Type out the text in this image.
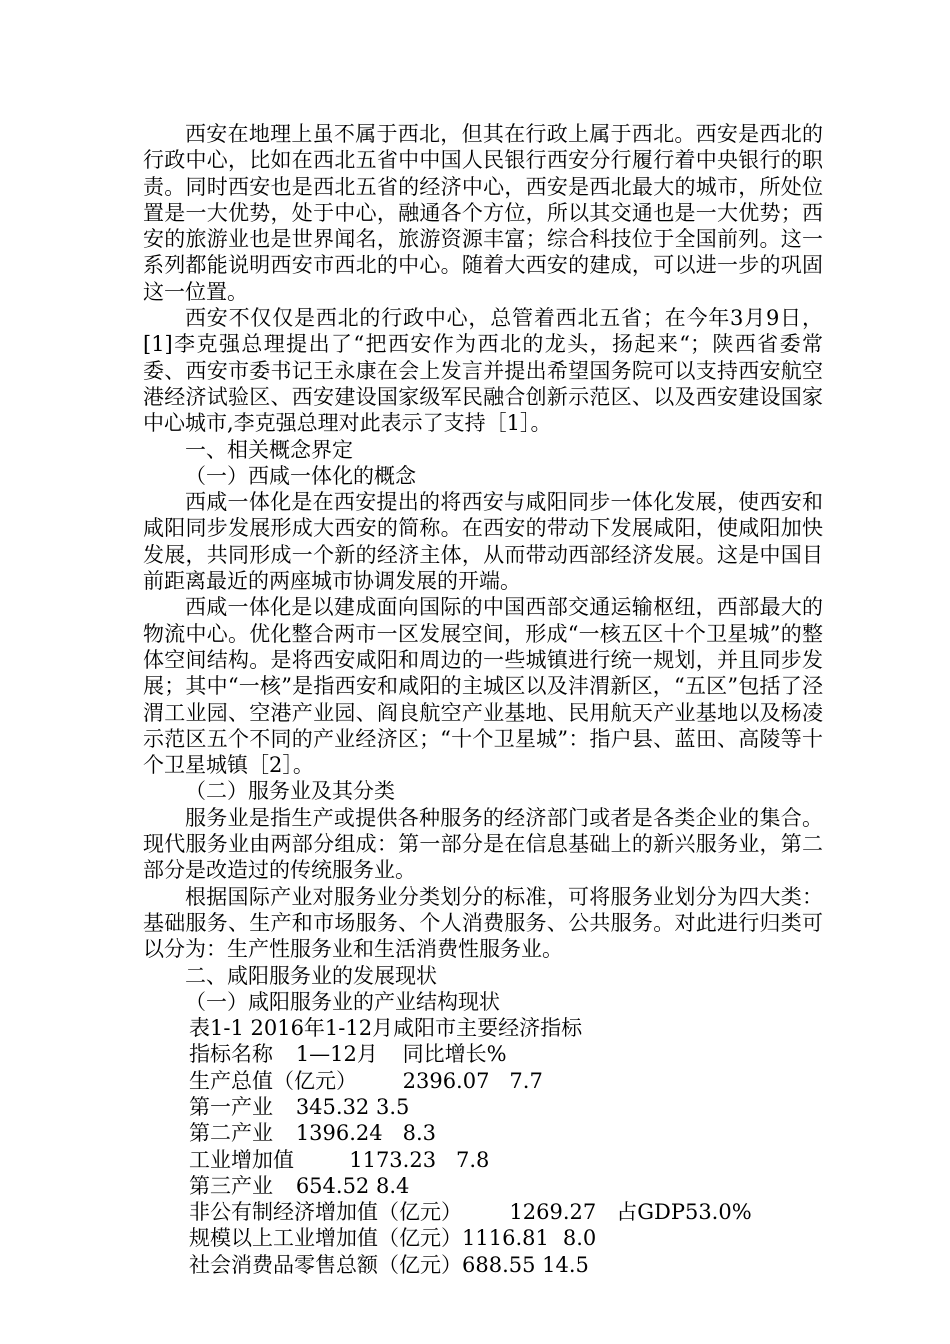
西安在地理上虽不属于西北，但其在行政上属于西北。西安是西北的行政中心，比如在西北五省中中国人民银行西安分行履行着中央银行的职责。同时西安也是西北五省的经济中心，西安是西北最大的城市，所处位置是一大优势，处于中心，融通各个方位，所以其交通也是一大优势；西安的旅游业也是世界闻名，旅游资源丰富；综合科技位于全国前列。这一系列都能说明西安市西北的中心。随着大西安的建成，可以进一步的巩固这一位置。

西安不仅仅是西北的行政中心，总管着西北五省；在今年3月9日，[1]李克强总理提出了“把西安作为西北的龙头，扬起来“；陕西省委常委、西安市委书记王永康在会上发言并提出希望国务院可以支持西安航空港经济试验区、西安建设国家级军民融合创新示范区、以及西安建设国家中心城市,李克强总理对此表示了支持［1］。

一、相关概念界定

（一）西咸一体化的概念

西咸一体化是在西安提出的将西安与咸阳同步一体化发展，使西安和咸阳同步发展形成大西安的简称。在西安的带动下发展咸阳，使咸阳加快发展，共同形成一个新的经济主体，从而带动西部经济发展。这是中国目前距离最近的两座城市协调发展的开端。

西咸一体化是以建成面向国际的中国西部交通运输枢纽，西部最大的物流中心。优化整合两市一区发展空间，形成“一核五区十个卫星城”的整体空间结构。是将西安咸阳和周边的一些城镇进行统一规划，并且同步发展；其中“一核”是指西安和咸阳的主城区以及沣渭新区，“五区”包括了泾渭工业园、空港产业园、阎良航空产业基地、民用航天产业基地以及杨凌示范区五个不同的产业经济区；“十个卫星城”：指户县、蓝田、高陵等十个卫星城镇［2］。

（二）服务业及其分类

服务业是指生产或提供各种服务的经济部门或者是各类企业的集合。现代服务业由两部分组成：第一部分是在信息基础上的新兴服务业，第二部分是改造过的传统服务业。

根据国际产业对服务业分类划分的标准，可将服务业划分为四大类：基础服务、生产和市场服务、个人消费服务、公共服务。对此进行归类可以分为：生产性服务业和生活消费性服务业。

二、咸阳服务业的发展现状

（一）咸阳服务业的产业结构现状

表1-1 2016年1-12月咸阳市主要经济指标

指标名称	1—12月	同比增长%

生产总值（亿元）	2396.07	7.7

第一产业	345.32 3.5

第二产业	1396.24	8.3

工业增加值	1173.23	7.8

第三产业	654.52 8.4

非公有制经济增加值（亿元）	1269.27	占GDP53.0%

规模以上工业增加值（亿元）1116.81	8.0

社会消费品零售总额（亿元）688.55 14.5
